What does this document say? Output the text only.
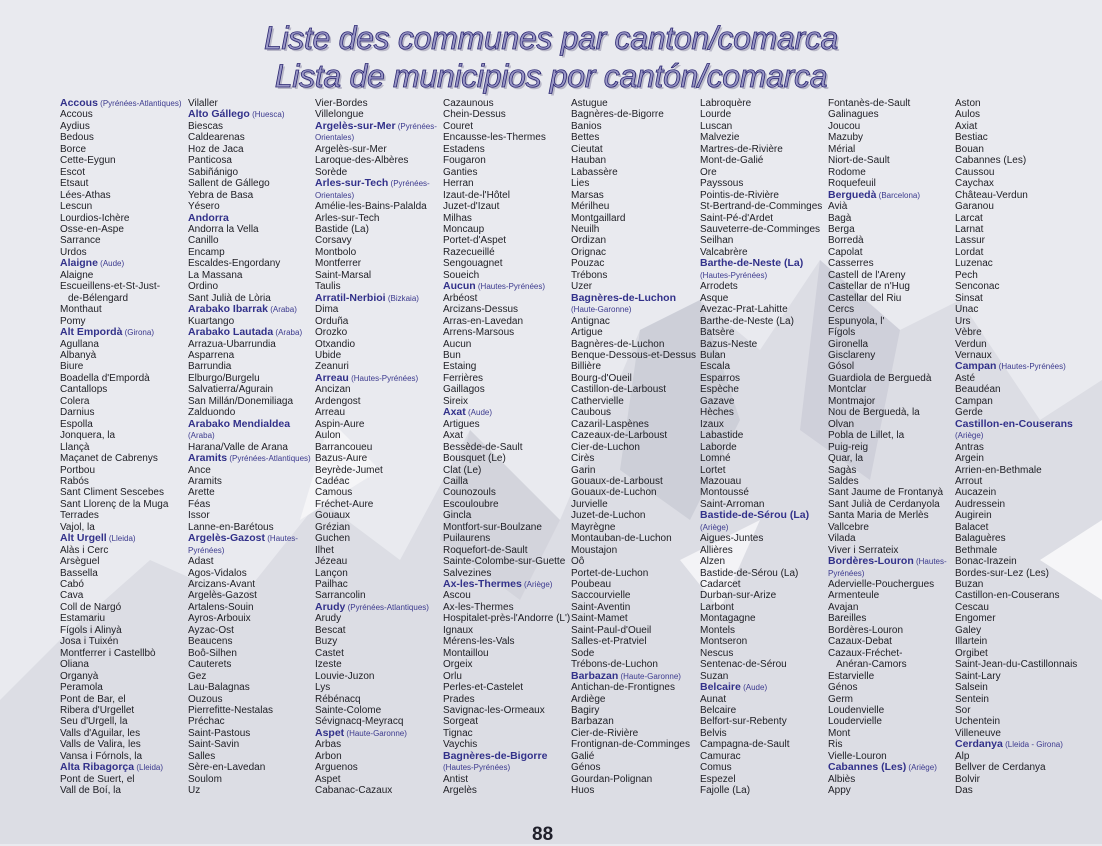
Liste des communes par canton/comarca
Lista de municipios por cantón/comarca
Accous (Pyrénées-Atlantiques)
Accous
Aydius
Bedous
Borce
Cette-Eygun
Escot
Etsaut
Lées-Athas
Lescun
Lourdios-Ichère
Osse-en-Aspe
Sarrance
Urdos
Alaigne (Aude)
Alaigne
Escueillens-et-St-Just-
de-Bélengard
Monthaut
Pomy
Alt Empordà (Girona)
Agullana
Albanyà
Biure
Boadella d'Empordà
Cantallops
Colera
Darnius
Espolla
Jonquera, la
Llançà
Maçanet de Cabrenys
Portbou
Rabós
Sant Climent Sescebes
Sant Llorenç de la Muga
Terrades
Vajol, la
Alt Urgell (Lleida)
Alàs i Cerc
Arsèguel
Bassella
Cabó
Cava
Coll de Nargó
Estamariu
Fígols i Alinyà
Josa i Tuixén
Montferrer i Castellbò
Oliana
Organyà
Peramola
Pont de Bar, el
Ribera d'Urgellet
Seu d'Urgell, la
Valls d'Aguilar, les
Valls de Valira, les
Vansa i Fórnols, la
Alta Ribagorça (Lleida)
Pont de Suert, el
Vall de Boí, la
Vilaller
Alto Gállego (Huesca)
Biescas
Caldearenas
Hoz de Jaca
Panticosa
Sabiñánigo
Sallent de Gállego
Yebra de Basa
Yésero
Andorra
Andorra la Vella
Canillo
Encamp
Escaldes-Engordany
La Massana
Ordino
Sant Julià de Lòria
Arabako Ibarrak (Araba)
Kuartango
Arabako Lautada (Araba)
Arrazua-Ubarrundia
Asparrena
Barrundia
Elburgo/Burgelu
Salvatierra/Agurain
San Millán/Donemiliaga
Zalduondo
Arabako Mendialdea
(Araba)
Harana/Valle de Arana
Aramits (Pyrénées-Atlantiques)
Ance
Aramits
Arette
Féas
Issor
Lanne-en-Barétous
Argelès-Gazost (Hautes-
Pyrénées)
Adast
Agos-Vidalos
Arcizans-Avant
Argelès-Gazost
Artalens-Souin
Ayros-Arbouix
Ayzac-Ost
Beaucens
Boô-Silhen
Cauterets
Gez
Lau-Balagnas
Ouzous
Pierrefitte-Nestalas
Préchac
Saint-Pastous
Saint-Savin
Salles
Sère-en-Lavedan
Soulom
Uz
Vier-Bordes
Villelongue
Argelès-sur-Mer (Pyrénées-
Orientales)
Argelès-sur-Mer
Laroque-des-Albères
Sorède
Arles-sur-Tech (Pyrénées-
Orientales)
Amélie-les-Bains-Palalda
Arles-sur-Tech
Bastide (La)
Corsavy
Montbolo
Montferrer
Saint-Marsal
Taulis
Arratil-Nerbioi (Bizkaia)
Dima
Orduña
Orozko
Otxandio
Ubide
Zeanuri
Arreau (Hautes-Pyrénées)
Ancizan
Ardengost
Arreau
Aspin-Aure
Aulon
Barrancoueu
Bazus-Aure
Beyrède-Jumet
Cadéac
Camous
Fréchet-Aure
Gouaux
Grézian
Guchen
Ilhet
Jézeau
Lançon
Pailhac
Sarrancolin
Arudy (Pyrénées-Atlantiques)
Arudy
Bescat
Buzy
Castet
Izeste
Louvie-Juzon
Lys
Rébénacq
Sainte-Colome
Sévignacq-Meyracq
Aspet (Haute-Garonne)
Arbas
Arbon
Arguenos
Aspet
Cabanac-Cazaux
Cazaunous
Chein-Dessus
Couret
Encausse-les-Thermes
Estadens
Fougaron
Ganties
Herran
Izaut-de-l'Hôtel
Juzet-d'Izaut
Milhas
Moncaup
Portet-d'Aspet
Razecueillé
Sengouagnet
Soueich
Aucun (Hautes-Pyrénées)
Arbéost
Arcizans-Dessus
Arras-en-Lavedan
Arrens-Marsous
Aucun
Bun
Estaing
Ferrières
Gaillagos
Sireix
Axat (Aude)
Artigues
Axat
Bessède-de-Sault
Bousquet (Le)
Clat (Le)
Cailla
Counozouls
Escouloubre
Gincla
Montfort-sur-Boulzane
Puilaurens
Roquefort-de-Sault
Sainte-Colombe-sur-Guette
Salvezines
Ax-les-Thermes (Ariège)
Ascou
Ax-les-Thermes
Hospitalet-près-l'Andorre (L')
Ignaux
Mérens-les-Vals
Montaillou
Orgeix
Orlu
Perles-et-Castelet
Prades
Savignac-les-Ormeaux
Sorgeat
Tignac
Vaychis
Bagnères-de-Bigorre
(Hautes-Pyrénées)
Antist
Argelès
Astugue
Bagnères-de-Bigorre
Banios
Bettes
Cieutat
Hauban
Labassère
Lies
Marsas
Mérilheu
Montgaillard
Neuilh
Ordizan
Orignac
Pouzac
Trébons
Uzer
Bagnères-de-Luchon
(Haute-Garonne)
Antignac
Artigue
Bagnères-de-Luchon
Benque-Dessous-et-Dessus
Billière
Bourg-d'Oueil
Castillon-de-Larboust
Cathervielle
Caubous
Cazaril-Laspènes
Cazeaux-de-Larboust
Cier-de-Luchon
Cirès
Garin
Gouaux-de-Larboust
Gouaux-de-Luchon
Jurvielle
Juzet-de-Luchon
Mayrègne
Montauban-de-Luchon
Moustajon
Oô
Portet-de-Luchon
Poubeau
Saccourvielle
Saint-Aventin
Saint-Mamet
Saint-Paul-d'Oueil
Salles-et-Pratviel
Sode
Trébons-de-Luchon
Barbazan (Haute-Garonne)
Antichan-de-Frontignes
Ardiège
Bagiry
Barbazan
Cier-de-Rivière
Frontignan-de-Comminges
Galié
Génos
Gourdan-Polignan
Huos
Labroquère
Lourde
Luscan
Malvezie
Martres-de-Rivière
Mont-de-Galié
Ore
Payssous
Pointis-de-Rivière
St-Bertrand-de-Comminges
Saint-Pé-d'Ardet
Sauveterre-de-Comminges
Seilhan
Valcabrère
Barthe-de-Neste (La)
(Hautes-Pyrénées)
Arrodets
Asque
Avezac-Prat-Lahitte
Barthe-de-Neste (La)
Batsère
Bazus-Neste
Bulan
Escala
Esparros
Espèche
Gazave
Hèches
Izaux
Labastide
Laborde
Lomné
Lortet
Mazouau
Montoussé
Saint-Arroman
Bastide-de-Sérou (La)
(Ariège)
Aigues-Juntes
Allières
Alzen
Bastide-de-Sérou (La)
Cadarcet
Durban-sur-Arize
Larbont
Montagagne
Montels
Montseron
Nescus
Sentenac-de-Sérou
Suzan
Belcaire (Aude)
Aunat
Belcaire
Belfort-sur-Rebenty
Belvis
Campagna-de-Sault
Camurac
Comus
Espezel
Fajolle (La)
Fontanès-de-Sault
Galinagues
Joucou
Mazuby
Mérial
Niort-de-Sault
Rodome
Roquefeuil
Berguedà (Barcelona)
Avià
Bagà
Berga
Borredà
Capolat
Casserres
Castell de l'Areny
Castellar de n'Hug
Castellar del Riu
Cercs
Espunyola, l'
Fígols
Gironella
Gisclareny
Gósol
Guardiola de Berguedà
Montclar
Montmajor
Nou de Berguedà, la
Olvan
Pobla de Lillet, la
Puig-reig
Quar, la
Sagàs
Saldes
Sant Jaume de Frontanyà
Sant Julià de Cerdanyola
Santa Maria de Merlès
Vallcebre
Vilada
Viver i Serrateix
Bordères-Louron (Hautes-
Pyrénées)
Adervielle-Pouchergues
Armenteule
Avajan
Bareilles
Bordères-Louron
Cazaux-Debat
Cazaux-Fréchet-
Anéran-Camors
Estarvielle
Génos
Germ
Loudenvielle
Loudervielle
Mont
Ris
Vielle-Louron
Cabannes (Les) (Ariège)
Albiès
Appy
Aston
Aulos
Axiat
Bestiac
Bouan
Cabannes (Les)
Caussou
Caychax
Château-Verdun
Garanou
Larcat
Larnat
Lassur
Lordat
Luzenac
Pech
Senconac
Sinsat
Unac
Urs
Vèbre
Verdun
Vernaux
Campan (Hautes-Pyrénées)
Asté
Beaudéan
Campan
Gerde
Castillon-en-Couserans
(Ariège)
Antras
Argein
Arrien-en-Bethmale
Arrout
Aucazein
Audressein
Augirein
Balacet
Balaguères
Bethmale
Bonac-Irazein
Bordes-sur-Lez (Les)
Buzan
Castillon-en-Couserans
Cescau
Engomer
Galey
Illartein
Orgibet
Saint-Jean-du-Castillonnais
Saint-Lary
Salsein
Sentein
Sor
Uchentein
Villeneuve
Cerdanya (Lleida - Girona)
Alp
Bellver de Cerdanya
Bolvir
Das
88
